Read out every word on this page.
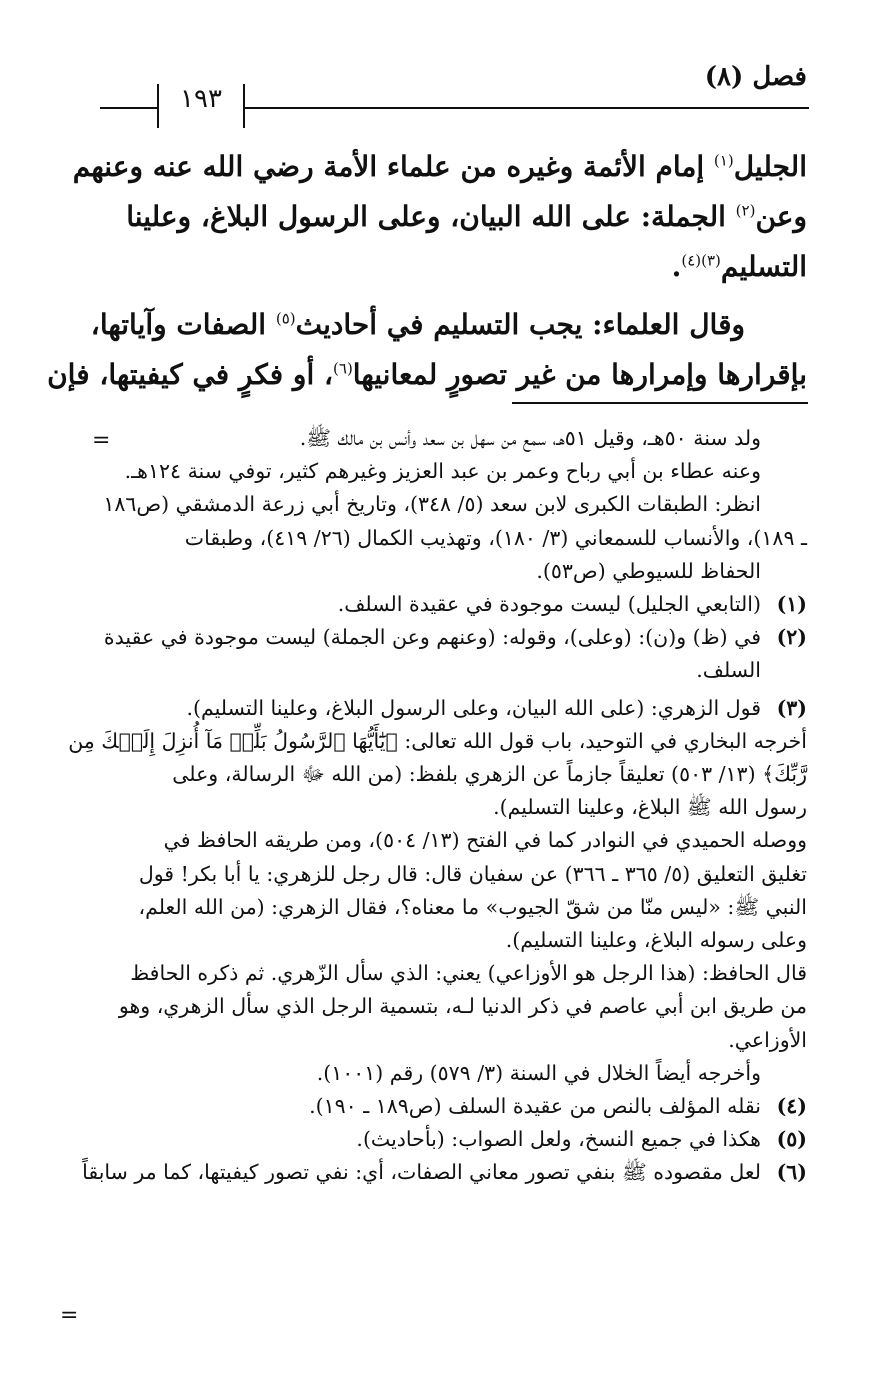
فصل (٨)
١٩٣

الجليل$^{(١)}$ إمام الأئمة وغيره من علماء الأمة رضي الله عنه وعنهم

وعن$^{(٢)}$ الجملة: على الله البيان، وعلى الرسول البلاغ، وعلينا

التسليم$^{(٣)(٤)}$.

وقال العلماء: يجب التسليم في أحاديث$^{(٥)}$ الصفات وآياتها،

بإقرارها وإمرارها من غير تصورٍ لمعانيها$^{(٦)}$، أو فكرٍ في كيفيتها، فإن

=	ولد سنة ٥٠هـ، وقيل ٥١هـ، سمع من سهل بن سعد وأنس بن مالك ﷺ.
وعنه عطاء بن أبي رباح وعمر بن عبد العزيز وغيرهم كثير، توفي سنة ١٢٤هـ.
انظر: الطبقات الكبرى لابن سعد (٥/ ٣٤٨)، وتاريخ أبي زرعة الدمشقي (ص١٨٦
ـ ١٨٩)، والأنساب للسمعاني (٣/ ١٨٠)، وتهذيب الكمال (٢٦/ ٤١٩)، وطبقات
الحفاظ للسيوطي (ص٥٣).
(١)
(التابعي الجليل) ليست موجودة في عقيدة السلف.
(٢)
في (ظ) و(ن): (وعلى)، وقوله: (وعنهم وعن الجملة) ليست موجودة في عقيدة
السلف.
(٣)
قول الزهري: (على الله البيان، وعلى الرسول البلاغ، وعلينا التسليم).
أخرجه البخاري في التوحيد، باب قول الله تعالى: ﴿يَٰٓأَيُّهَا ٱلرَّسُولُ بَلِّغۡ مَآ أُنزِلَ إِلَيۡكَ مِن
رَّبِّكَ﴾ (١٣/ ٥٠٣) تعليقاً جازماً عن الزهري بلفظ: (من الله ﷻ الرسالة، وعلى
رسول الله ﷺ البلاغ، وعلينا التسليم).
ووصله الحميدي في النوادر كما في الفتح (١٣/ ٥٠٤)، ومن طريقه الحافظ في
تغليق التعليق (٥/ ٣٦٥ ـ ٣٦٦) عن سفيان قال: قال رجل للزهري: يا أبا بكر! قول
النبي ﷺ: «ليس منّا من شقّ الجيوب» ما معناه؟، فقال الزهري: (من الله العلم،
وعلى رسوله البلاغ، وعلينا التسليم).
قال الحافظ: (هذا الرجل هو الأوزاعي) يعني: الذي سأل الزّهري. ثم ذكره الحافظ
من طريق ابن أبي عاصم في ذكر الدنيا لـه، بتسمية الرجل الذي سأل الزهري، وهو
الأوزاعي.
وأخرجه أيضاً الخلال في السنة (٣/ ٥٧٩) رقم (١٠٠١).
(٤)
نقله المؤلف بالنص من عقيدة السلف (ص١٨٩ ـ ١٩٠).
(٥)
هكذا في جميع النسخ، ولعل الصواب: (بأحاديث).
(٦)
لعل مقصوده ﷺ بنفي تصور معاني الصفات، أي: نفي تصور كيفيتها، كما مر سابقاً
=
